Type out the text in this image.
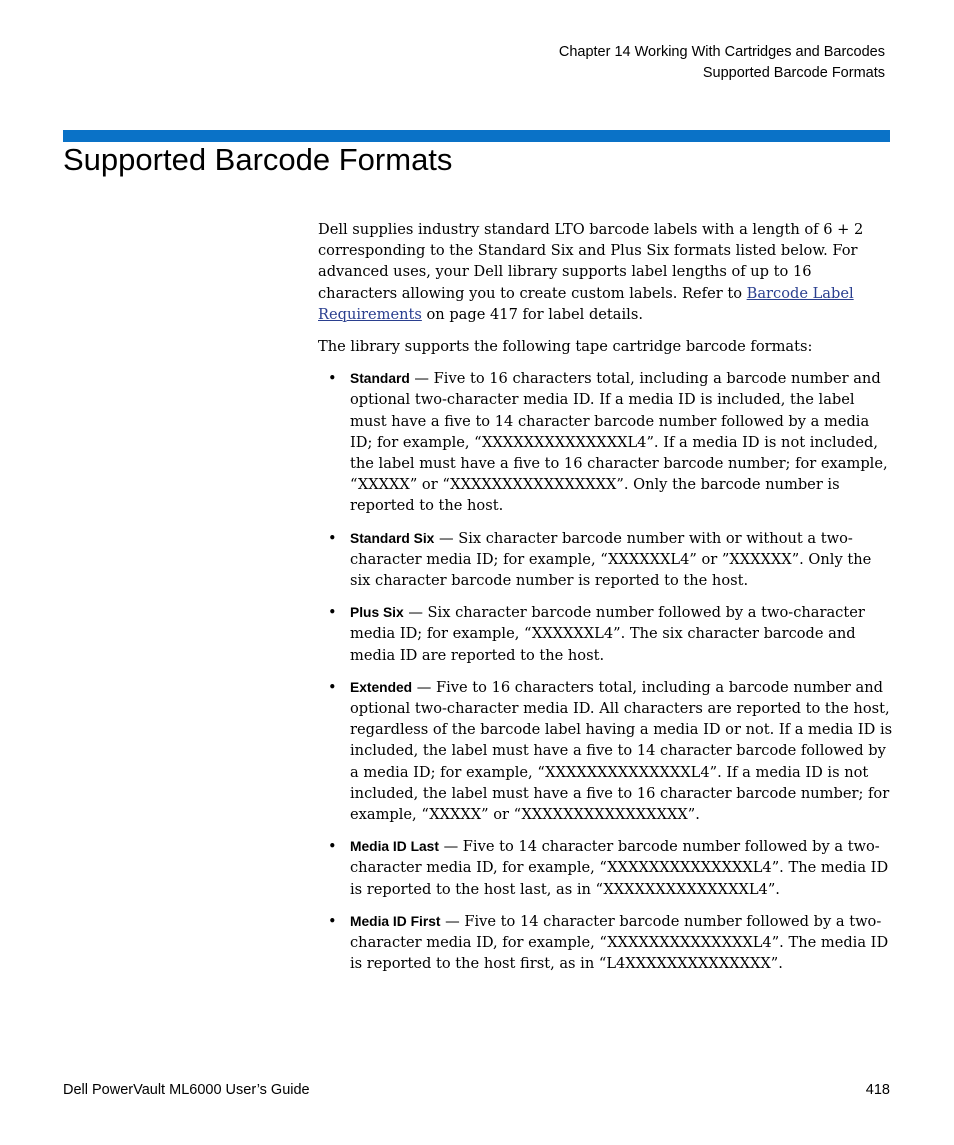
Chapter 14 Working With Cartridges and Barcodes
Supported Barcode Formats
Supported Barcode Formats

Dell supplies industry standard LTO barcode labels with a length of 6 + 2 corresponding to the Standard Six and Plus Six formats listed below. For advanced uses, your Dell library supports label lengths of up to 16 characters allowing you to create custom labels. Refer to Barcode Label Requirements on page 417 for label details.

The library supports the following tape cartridge barcode formats:

• Standard — Five to 16 characters total, including a barcode number and optional two-character media ID. If a media ID is included, the label must have a five to 14 character barcode number followed by a media ID; for example, “XXXXXXXXXXXXXXL4”. If a media ID is not included, the label must have a five to 16 character barcode number; for example, “XXXXX” or “XXXXXXXXXXXXXXXX”. Only the barcode number is reported to the host.
• Standard Six — Six character barcode number with or without a two-character media ID; for example, “XXXXXXL4” or ”XXXXXX”. Only the six character barcode number is reported to the host.
• Plus Six — Six character barcode number followed by a two-character media ID; for example, “XXXXXXL4”. The six character barcode and media ID are reported to the host.
• Extended — Five to 16 characters total, including a barcode number and optional two-character media ID. All characters are reported to the host, regardless of the barcode label having a media ID or not. If a media ID is included, the label must have a five to 14 character barcode followed by a media ID; for example, “XXXXXXXXXXXXXXL4”. If a media ID is not included, the label must have a five to 16 character barcode number; for example, “XXXXX” or “XXXXXXXXXXXXXXXX”.
• Media ID Last — Five to 14 character barcode number followed by a two-character media ID, for example, “XXXXXXXXXXXXXXL4”. The media ID is reported to the host last, as in “XXXXXXXXXXXXXXL4”.
• Media ID First — Five to 14 character barcode number followed by a two-character media ID, for example, “XXXXXXXXXXXXXXL4”. The media ID is reported to the host first, as in “L4XXXXXXXXXXXXXX”.
Dell PowerVault ML6000 User’s Guide	418
